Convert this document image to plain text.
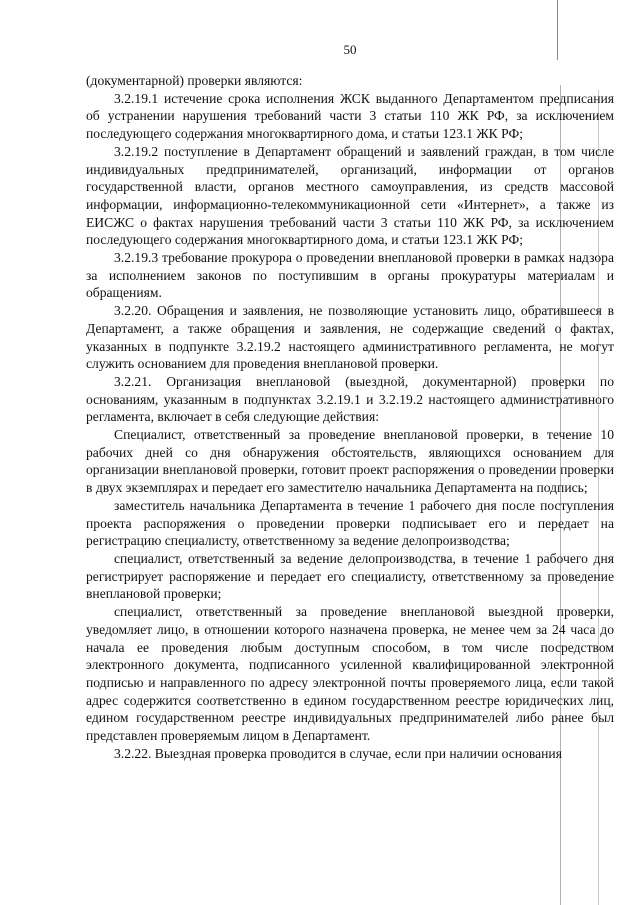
50

(документарной) проверки являются:

3.2.19.1 истечение срока исполнения ЖСК выданного Департаментом предписания об устранении нарушения требований части 3 статьи 110 ЖК РФ, за исключением последующего содержания многоквартирного дома, и статьи 123.1 ЖК РФ;

3.2.19.2 поступление в Департамент обращений и заявлений граждан, в том числе индивидуальных предпринимателей, организаций, информации от органов государственной власти, органов местного самоуправления, из средств массовой информации, информационно-телекоммуникационной сети «Интернет», а также из ЕИСЖС о фактах нарушения требований части 3 статьи 110 ЖК РФ, за исключением последующего содержания многоквартирного дома, и статьи 123.1 ЖК РФ;

3.2.19.3 требование прокурора о проведении внеплановой проверки в рамках надзора за исполнением законов по поступившим в органы прокуратуры материалам и обращениям.

3.2.20. Обращения и заявления, не позволяющие установить лицо, обратившееся в Департамент, а также обращения и заявления, не содержащие сведений о фактах, указанных в подпункте 3.2.19.2 настоящего административного регламента, не могут служить основанием для проведения внеплановой проверки.

3.2.21. Организация внеплановой (выездной, документарной) проверки по основаниям, указанным в подпунктах 3.2.19.1 и 3.2.19.2 настоящего административного регламента, включает в себя следующие действия:

Специалист, ответственный за проведение внеплановой проверки, в течение 10 рабочих дней со дня обнаружения обстоятельств, являющихся основанием для организации внеплановой проверки, готовит проект распоряжения о проведении проверки в двух экземплярах и передает его заместителю начальника Департамента на подпись;

заместитель начальника Департамента в течение 1 рабочего дня после поступления проекта распоряжения о проведении проверки подписывает его и передает на регистрацию специалисту, ответственному за ведение делопроизводства;

специалист, ответственный за ведение делопроизводства, в течение 1 рабочего дня регистрирует распоряжение и передает его специалисту, ответственному за проведение внеплановой проверки;

специалист, ответственный за проведение внеплановой выездной проверки, уведомляет лицо, в отношении которого назначена проверка, не менее чем за 24 часа до начала ее проведения любым доступным способом, в том числе посредством электронного документа, подписанного усиленной квалифицированной электронной подписью и направленного по адресу электронной почты проверяемого лица, если такой адрес содержится соответственно в едином государственном реестре юридических лиц, едином государственном реестре индивидуальных предпринимателей либо ранее был представлен проверяемым лицом в Департамент.

3.2.22. Выездная проверка проводится в случае, если при наличии основания
